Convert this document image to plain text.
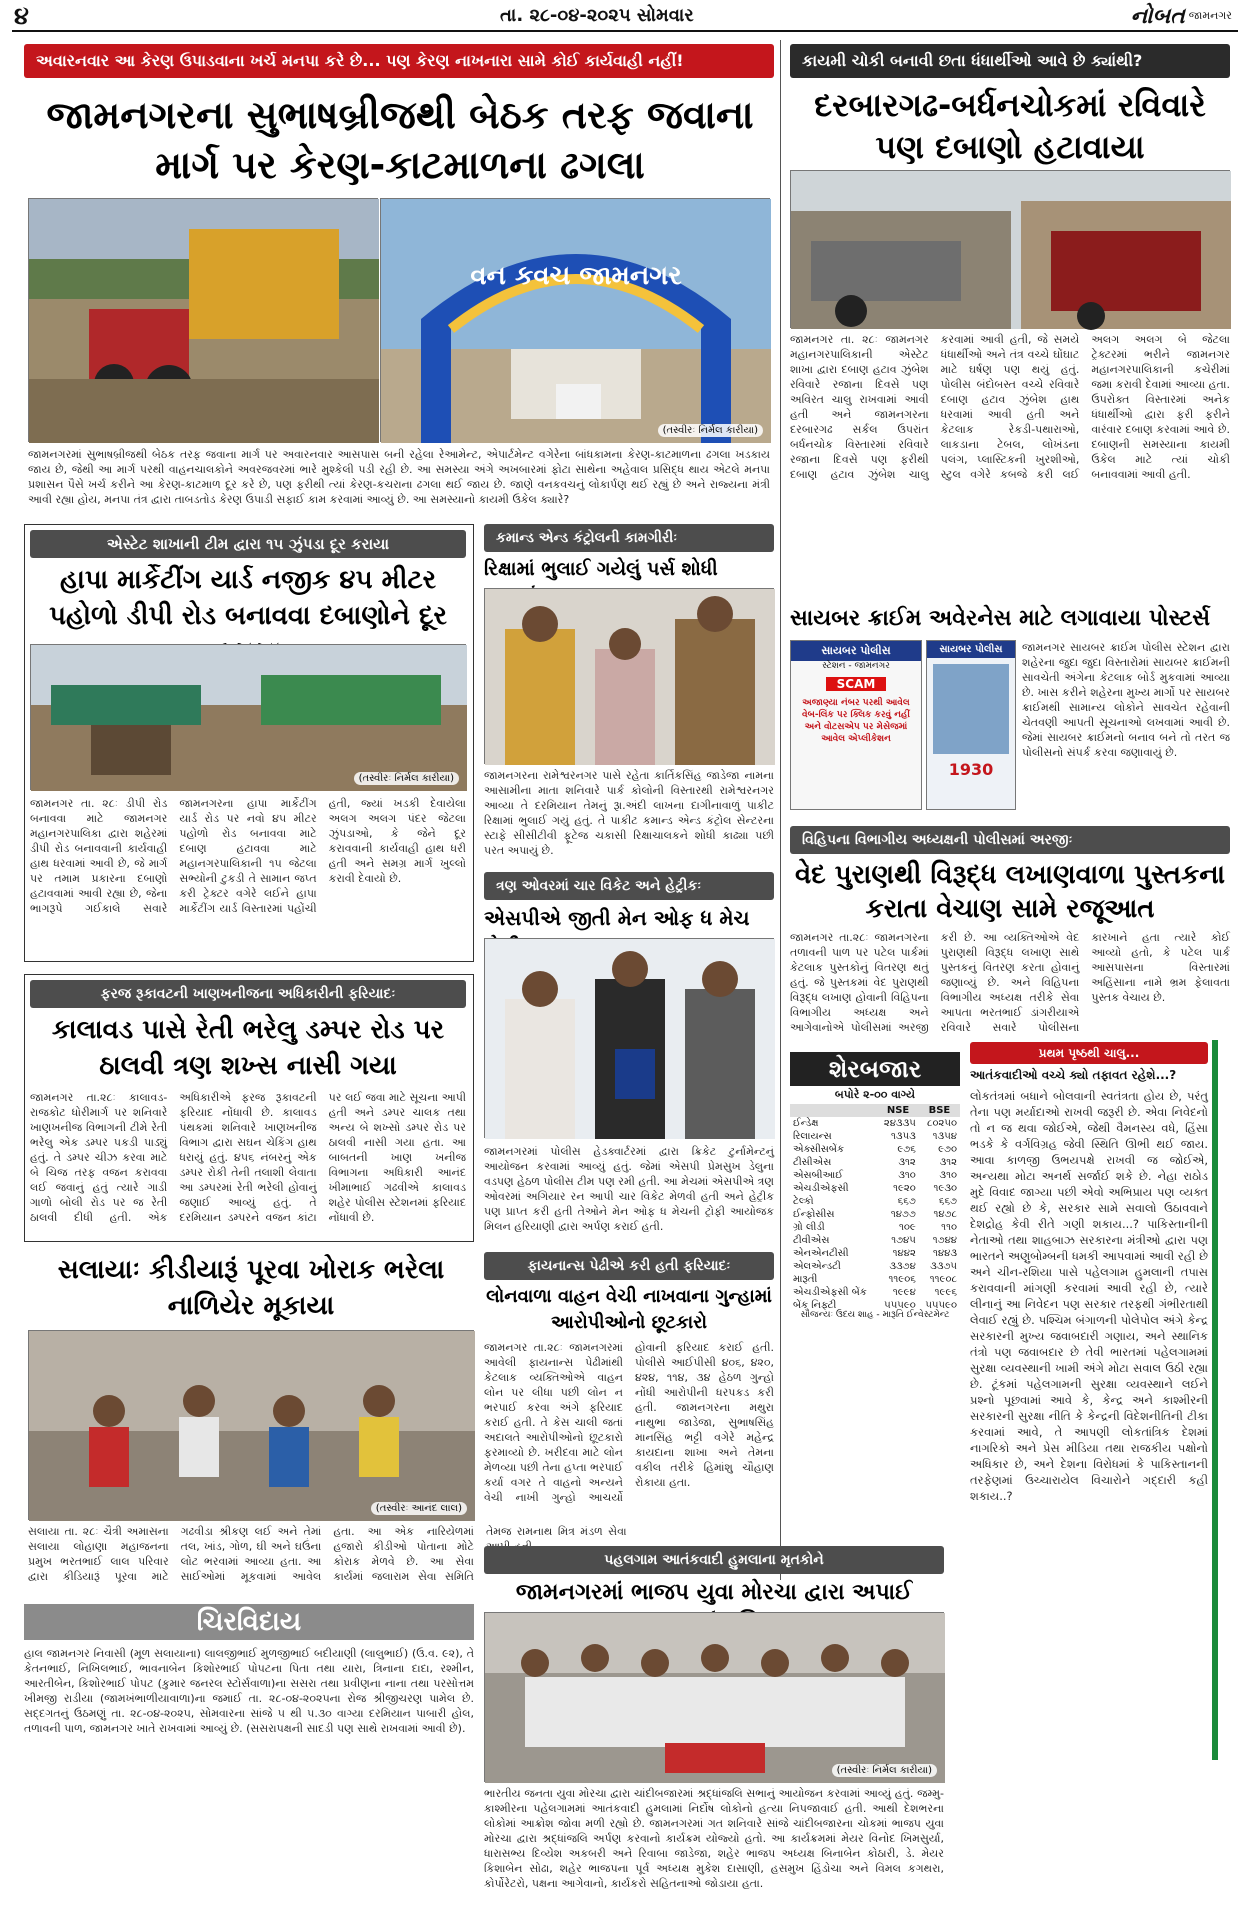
૪	તા. ૨૮-૦૪-૨૦૨૫ સોમવાર	નોબત જામનગર
અવારનવાર આ કેરણ ઉપાડવાના ખર્ચ મનપા કરે છે... પણ કેરણ નાખનારા સામે કોઈ કાર્યવાહી નહીં!
જામનગરના સુભાષબ્રીજથી બેઠક તરફ જવાના માર્ગ પર કેરણ-કાટમાળના ઢગલા
વન કવચ જામનગર
(તસ્વીરઃ નિર્મલ કારીયા)
જામનગરમાં સુભાષબ્રીજથી બેઠક તરફ જવાના માર્ગ પર અવારનવાર આસપાસ બની રહેલા રેઆમેન્ટ, એપાર્ટમેન્ટ વગેરેના બાંધકામના કેરણ-કાટમાળના ઢગલા ખડકાય જાય છે, જેથી આ માર્ગ પરથી વાહનચાલકોને અવરજવરમાં ભારે મુશ્કેલી પડી રહી છે. આ સમસ્યા અંગે અખબારમાં ફોટા સાથેના અહેવાલ પ્રસિદ્ધ થાય એટલે મનપા પ્રશાસન પૈસે ખર્ચ કરીને આ કેરણ-કાટમાળ દૂર કરે છે, પણ ફરીથી ત્યાં કેરણ-કચરાના ઢગલા થઈ જાય છે. જાણે વનકવચનું લોકાર્પણ થઈ રહ્યું છે અને રાજ્યના મંત્રી આવી રહ્યા હોય, મનપા તંત્ર દ્વારા તાબડતોડ કેરણ ઉપાડી સફાઈ કામ કરવામાં આવ્યું છે. આ સમસ્યાનો કાયમી ઉકેલ ક્યારે?
કાયમી ચોકી બનાવી છતા ધંધાર્થીઓ આવે છે ક્યાંથી?
દરબારગઢ-બર્ધનચોકમાં રવિવારે પણ દબાણો હટાવાયા
જામનગર તા. ૨૮ઃ જામનગર મહાનગરપાલિકાની એસ્ટેટ શાખા દ્વારા દબાણ હટાવ ઝુંબેશ રવિવારે રજાના દિવસે પણ અવિરત ચાલુ રાખવામાં આવી હતી અને જામનગરના દરબારગઢ સર્કલ ઉપરાંત બર્ધનચોક વિસ્તારમાં રવિવારે રજાના દિવસે પણ ફરીથી દબાણ હટાવ ઝુંબેશ ચાલુ કરવામાં આવી હતી, જે સમયે ધંધાર્થીઓ અને તંત્ર વચ્ચે ઘોંઘાટ માટે ઘર્ષણ પણ થયું હતું. પોલીસ બંદોબસ્ત વચ્ચે રવિવારે દબાણ હટાવ ઝુંબેશ હાથ ધરવામાં આવી હતી અને કેટલાક રેકડી-પથારાઓ, લાકડાના ટેબલ, લોખંડના પલંગ, પ્લાસ્ટિકની ખુરશીઓ, સ્ટુલ વગેરે કબજે કરી લઈ અલગ અલગ બે જેટલા ટ્રેક્ટરમાં ભરીને જામનગર મહાનગરપાલિકાની કચેરીમાં જમા કરાવી દેવામાં આવ્યા હતા. ઉપરોક્ત વિસ્તારમાં અનેક ધંધાર્થીઓ દ્વારા ફરી ફરીને વારંવાર દબાણ કરવામાં આવે છે. દબાણની સમસ્યાના કાયમી ઉકેલ માટે ત્યાં ચોકી બનાવવામાં આવી હતી.
એસ્ટેટ શાખાની ટીમ દ્વારા ૧૫ ઝુંપડા દૂર કરાયા
હાપા માર્કેટીંગ યાર્ડ નજીક ૪૫ મીટર પહોળો ડીપી રોડ બનાવવા દબાણોને દૂર
(તસ્વીરઃ નિર્મલ કારીયા)
જામનગર તા. ૨૮ઃ ડીપી રોડ બનાવવા માટે જામનગર મહાનગરપાલિકા દ્વારા શહેરમાં ડીપી રોડ બનાવવાની કાર્યવાહી હાથ ધરવામાં આવી છે, જે માર્ગ પર તમામ પ્રકારના દબાણો હટાવવામાં આવી રહ્યા છે, જેના ભાગરૂપે ગઈકાલે સવારે જામનગરના હાપા માર્કેટીંગ યાર્ડ રોડ પર નવો ૪૫ મીટર પહોળો રોડ બનાવવા માટે દબાણ હટાવવા માટે મહાનગરપાલિકાની ૧૫ જેટલા સભ્યોની ટુકડી તે સામાન જપ્ત કરી ટ્રેક્ટર વગેરે લઈને હાપા માર્કેટીંગ યાર્ડ વિસ્તારમાં પહોંચી હતી, જ્યાં ખડકી દેવાયેલા અલગ અલગ પંદર જેટલા ઝુંપડાઓ, કે જેને દૂર કરાવવાની કાર્યવાહી હાથ ધરી હતી અને સમગ્ર માર્ગ ખુલ્લો કરાવી દેવાયો છે.
કમાન્ડ એન્ડ કંટ્રોલની કામગીરીઃ
રિક્ષામાં ભુલાઈ ગયેલું પર્સ શોધી
જામનગરના રામેશ્વરનગર પાસે રહેતા કાર્તિકસિંહ જાડેજા નામના આસામીના માતા શનિવારે પાર્ક કોલોની વિસ્તારથી રામેશ્વરનગર આવ્યા તે દરમિયાન તેમનું રૂા.અંદી લાખના દાગીનાવાળું પાકીટ રિક્ષામાં ભુલાઈ ગયું હતું. તે પાકીટ કમાન્ડ એન્ડ કંટ્રોલ સેન્ટરના સ્ટાફે સીસીટીવી ફૂટેજ ચકાસી રિક્ષાચાલકને શોધી કાઢ્યા પછી પરત અપાયું છે.
સાયબર ક્રાઈમ અવેરનેસ માટે લગાવાયા પોસ્ટર્સ
સાયબર પોલીસ
સ્ટેશન - જામનગર
SCAM
અજાણ્યા નંબર પરથી આવેલ વેબ-લિંક પર ક્લિક કરવું નહીં અને વોટસએપ પર મેસેજમાં આવેલ એપ્લીકેશન
સાયબર પોલીસ
1930
જામનગર સાયબર ક્રાઈમ પોલીસ સ્ટેશન દ્વારા શહેરના જુદા જુદા વિસ્તારોમાં સાયબર ક્રાઈમની સાવચેતી અંગેના કેટલાક બોર્ડ મુકવામાં આવ્યા છે. ખાસ કરીને શહેરના મુખ્ય માર્ગો પર સાયબર ક્રાઈમથી સામાન્ય લોકોને સાવચેત રહેવાની ચેતવણી આપતી સૂચનાઓ લખવામાં આવી છે. જેમાં સાયબર ક્રાઈમનો બનાવ બને તો તરત જ પોલીસનો સંપર્ક કરવા જણાવાયું છે.
વિહિપના વિભાગીય અધ્યક્ષની પોલીસમાં અરજીઃ
વેદ પુરાણથી વિરૂદ્ધ લખાણવાળા પુસ્તકના કરાતા વેચાણ સામે રજૂઆત
જામનગર તા.૨૮ઃ જામનગરના તળાવની પાળ પર પટેલ પાર્કમાં કેટલાક પુસ્તકોનું વિતરણ થતું હતું. જે પુસ્તકમાં વેદ પુરાણથી વિરૂદ્ધ લખાણ હોવાની વિહિપના વિભાગીય અધ્યક્ષ અને આગેવાનોએ પોલીસમાં અરજી કરી છે. આ વ્યક્તિઓએ વેદ પુરાણથી વિરૂદ્ધ લખાણ સાથે પુસ્તકનું વિતરણ કરતા હોવાનું જણાવ્યું છે. અને વિહિપના વિભાગીય અધ્યક્ષ તરીકે સેવા આપતા ભરતભાઈ ડાંગરીયાએ રવિવારે સવારે પોલીસના કારખાને હતા ત્યારે કોઈ આવ્યો હતો, કે પટેલ પાર્ક આસપાસના વિસ્તારમાં અહિંસાના નામે ભ્રમ ફેલાવતા પુસ્તક વેચાય છે.
ફરજ રૂકાવટની ખાણખનીજના અધિકારીની ફરિયાદઃ
કાલાવડ પાસે રેતી ભરેલુ ડમ્પર રોડ પર ઠાલવી ત્રણ શખ્સ નાસી ગયા
જામનગર તા.૨૮ઃ કાલાવડ-રાજકોટ ધોરીમાર્ગ પર શનિવારે ખાણખનીજ વિભાગની ટીમે રેતી ભરેલુ એક ડમ્પર પકડી પાડ્યું હતું. તે ડમ્પર ચીઝ કરવા માટે બે ચિજ તરફ વજન કરાવવા લઈ જવાનું હતું ત્યારે ગાડી ગાળો બોલી રોડ પર જ રેતી ઠાલવી દીધી હતી. એક અધિકારીએ ફરજ રૂકાવટની ફરિયાદ નોંધાવી છે. કાલાવડ પંથકમાં શનિવારે ખાણખનીજ વિભાગ દ્વારા સઘન ચેકિંગ હાથ ધરાયું હતું. ૪૫૬ નંબરનું એક ડમ્પર રોકી તેની તલાશી લેવાતા આ ડમ્પરમાં રેતી ભરેલી હોવાનું જણાઈ આવ્યું હતું. તે દરમિયાન ડમ્પરને વજન કાંટા પર લઈ જવા માટે સૂચના આપી હતી અને ડમ્પર ચાલક તથા અન્ય બે શખ્સો ડમ્પર રોડ પર ઠાલવી નાસી ગયા હતા. આ બાબતની ખાણ ખનીજ વિભાગના અધિકારી આનંદ ખીમાભાઈ ગઢવીએ કાલાવડ શહેર પોલીસ સ્ટેશનમાં ફરિયાદ નોંધાવી છે.
ત્રણ ઓવરમાં ચાર વિકેટ અને હેટ્રીકઃ
એસપીએ જીતી મેન ઓફ ધ મેચ
જામનગરમાં પોલીસ હેડક્વાર્ટરમાં દ્વારા ક્રિકેટ ટુર્નામેન્ટનું આયોજન કરવામાં આવ્યું હતું. જેમાં એસપી પ્રેમસુખ ડેલુના વડપણ હેઠળ પોલીસ ટીમ પણ રમી હતી. આ મેચમાં એસપીએ ત્રણ ઓવરમાં અગિયાર રન આપી ચાર વિકેટ મેળવી હતી અને હેટ્રીક પણ પ્રાપ્ત કરી હતી તેઓને મેન ઓફ ધ મેચની ટ્રોફી આયોજક મિલન હરિયાણી દ્વારા અર્પણ કરાઈ હતી.
સલાયાઃ કીડીયારૂં પૂરવા ખોરાક ભરેલા નાળિયેર મૂકાયા
(તસ્વીરઃ આનંદ લાલ)
સલાયા તા. ૨૮ઃ ચૈત્રી અમાસના સલાયા લોહાણા મહાજનના પ્રમુખ ભરતભાઈ લાલ પરિવાર દ્વારા કીડિયારૂં પૂરવા માટે ગઢવીડા શ્રીકણ લઈ અને તેમાં તલ, ખાંડ, ગોળ, ઘી અને ઘઉંના લોટ ભરવામાં આવ્યા હતા. આ સાઈઓમાં મૂકવામાં આવેલ હતા. આ એક નારિયેળમાં હજારો કીડીઓ પોતાના મોટે કોરાક મેળવે છે. આ સેવા કાર્યમાં જલારામ સેવા સમિતિ તેમજ રામનાથ મિત્ર મંડળ સેવા
ફાયનાન્સ પેઢીએ કરી હતી ફરિયાદઃ
લોનવાળા વાહન વેચી નાખવાના ગુન્હામાં આરોપીઓનો છૂટકારો
જામનગર તા.૨૮ઃ જામનગરમાં આવેલી ફાયનાન્સ પેઢીમાંથી કેટલાક વ્યક્તિઓએ વાહન લોન પર લીધા પછી લોન ન ભરપાઈ કરવા અંગે ફરિયાદ કરાઈ હતી. તે કેસ ચાલી જતાં અદાલતે આરોપીઓનો છૂટકારો ફરમાવ્યો છે. ખરીદવા માટે લોન મેળવ્યા પછી તેના હપ્તા ભરપાઈ કર્યા વગર તે વાહનો અન્યને વેચી નાખી ગુન્હો આચર્યો હોવાની ફરિયાદ કરાઈ હતી. પોલીસે આઈપીસી ૪૦૬, ૪૨૦, ૪૨૪, ૧૧૪, ૩૪ હેઠળ ગુન્હો નોંધી આરોપીની ધરપકડ કરી હતી. જામનગરના મથુરા નાથુભા જાડેજા, સુભાષસિંહ માનસિંહ ભટ્ટી વગેરે મહેન્દ્ર કાયદાના શાખા અને તેમના વકીલ તરીકે હિમાંશુ ચૌહાણ રોકાયા હતા.
શેરબજાર
બપોરે ૨-૦૦ વાગ્યે
	NSE	BSE
ઈન્ડેક્ષ	૨૪૩૩૫	૮૦૨૫૦
રિલાયન્સ	૧૩૫૩	૧૩૫૪
એક્સીસબેંક	૯૭૬	૯૭૦
ટીસીએસ	૩૧૨	૩૧૨
એસબીઆઈ	૩૧૦	૩૧૦
એચડીએફસી	૧૯૨૦	૧૯૩૦
ટેલ્કો	૬૬૭	૬૬૭
ઈન્ફોસીસ	૧૪૭૭	૧૪૭૮
ગ્રો લીડી	૧૦૯	૧૧૦
ટીવીએસ	૧૭૪૫	૧૭૪૪
એનએનટીસી	૧૪૪૨	૧૪૪૩
એલએન્ડટી	૩૩૭૪	૩૩૭૫
મારૂતી	૧૧૯૦૬	૧૧૯૦૮
એચડીએફસી બેંક	૧૯૯૪	૧૯૯૬
બેંક નિફ્ટી	૫૫૫૯૦	૫૫૫૯૦
સૌજન્યઃ ઉદય શાહ - મારૂતિ ઈન્વેસ્ટમેન્ટ
પ્રથમ પૃષ્ઠથી ચાલુ...
આતંકવાદીઓ વચ્ચે ક્યો તફાવત રહેશે...?
લોકતંત્રમાં બધાને બોલવાની સ્વતંત્રતા હોય છે, પરંતુ તેના પણ મર્યાદાઓ રાખવી જરૂરી છે. એવા નિવેદનો તો ન જ થવા જોઈએ, જેથી વૈમનસ્ય વધે, હિંસા ભડકે કે વર્ગવિગ્રહ જેવી સ્થિતિ ઊભી થઈ જાય. આવા કાળજી ઉભયપક્ષે રાખવી જ જોઈએ, અન્યથા મોટા અનર્થ સર્જાઈ શકે છે. નેહા રાઠોડ મુદે વિવાદ જાગ્યા પછી એવો અભિપ્રાય પણ વ્યક્ત થઈ રહ્યો છે કે, સરકાર સામે સવાલો ઉઠાવવાને દેશદ્રોહ કેવી રીતે ગણી શકાય...? પાકિસ્તાનીની નેતાઓ તથા શાહબાઝ સરકારના મંત્રીઓ દ્વારા પણ ભારતને અણુબોમ્બની ધમકી આપવામાં આવી રહી છે અને ચીન-રશિયા પાસે પહેલગામ હુમલાની તપાસ કરાવવાની માંગણી કરવામાં આવી રહી છે, ત્યારે લીનાનું આ નિવેદન પણ સરકાર તરફથી ગંભીરતાથી લેવાઈ રહ્યું છે. પશ્ચિમ બંગાળની પોલેપોલ અંગે કેન્દ્ર સરકારની મુખ્ય જવાબદારી ગણાય, અને સ્થાનિક તંત્રો પણ જવાબદાર છે તેવી ભારતમાં પહેલગામમાં સુરક્ષા વ્યવસ્થાની ખામી અંગે મોટા સવાલ ઉઠી રહ્યા છે. ટૂંકમાં પહેલગામની સુરક્ષા વ્યવસ્થાને લઈને પ્રશ્નો પૂછવામાં આવે કે, કેન્દ્ર અને કાશ્મીરની સરકારની સુરક્ષા નીતિ કે કેન્દ્રની વિદેશનીતિની ટીકા કરવામાં આવે, તે આપણી લોકતાંત્રિક દેશમાં નાગરિકો અને પ્રેસ મીડિયા તથા રાજકીય પક્ષોનો અધિકાર છે, અને દેશના વિરોધમાં કે પાકિસ્તાનની તરફેણમાં ઉચ્ચારાયેલ વિચારોને ગદ્દારી કહી શકાય..?
ચિરવિદાય
હાલ જામનગર નિવાસી (મૂળ સલાયાના) લાલજીભાઈ મુળજીભાઈ બદીયાણી (લાલુભાઈ) (ઉ.વ. ૯૨), તે કેતનભાઈ, નિખિલભાઈ, ભાવનાબેન કિશોરભાઈ પોપટના પિતા તથા યારા, ત્રિનાના દાદા, રશ્મીન, આરતીબેન, કિશોરભાઈ પોપટ (કુમાર જનરલ સ્ટોર્સવાળા)ના સસરા તથા પ્રવીણના નાના તથા પરસોત્તમ ખીમજી રાડીયા (જામખંભાળીયાવાળા)ના જમાઈ તા. ૨૮-૦૪-૨૦૨૫ના રોજ શ્રીજીચરણ પામેલ છે. સદ્દગતનું ઉઠમણું તા. ૨૮-૦૪-૨૦૨૫, સોમવારના સાંજે ૫ થી ૫.૩૦ વાગ્યા દરમિયાન પાબારી હોલ, તળાવની પાળ, જામનગર ખાતે રાખવામાં આવ્યું છે. (સસરાપક્ષની સાદડી પણ સાથે રાખવામાં આવી છે).
પહલગામ આતંકવાદી હુમલાના મૃતકોને
જામનગરમાં ભાજપ યુવા મોરચા દ્વારા અપાઈ
(તસ્વીરઃ નિર્મલ કારીયા)
ભારતીય જનતા યુવા મોરચા દ્વારા ચાંદીબજારમાં શ્રદ્ધાંજલિ સભાનું આયોજન કરવામાં આવ્યું હતું. જમ્મુ-કાશ્મીરના પહેલગામમાં આતંકવાદી હુમલામાં નિર્દોષ લોકોનો હત્યા નિપજાવાઈ હતી. આથી દેશભરના લોકોમાં આક્રોશ જોવા મળી રહ્યો છે. જામનગરમાં ગત શનિવારે સાંજે ચાંદીબજારના ચોકમાં ભાજપ યુવા મોરચા દ્વારા શ્રદ્ધાંજલિ અર્પણ કરવાનો કાર્યક્રમ યોજ્યો હતો. આ કાર્યક્રમમાં મેયર વિનોદ ખિમસુર્યા, ધારાસભ્ય દિવ્યેશ અકબરી અને રિવાબા જાડેજા, શહેર ભાજપ અધ્યક્ષ બિનાબેન કોઠારી, ડે. મેયર કિશાબેન સોઢા, શહેર ભાજપના પૂર્વ અધ્યક્ષ મુકેશ દાસાણી, હસમુખ હિંડોચા અને વિમલ કગથરા, કોર્પોરેટરો, પક્ષના આગેવાનો, કાર્યકરો સહિતનાઓ જોડાયા હતા.
